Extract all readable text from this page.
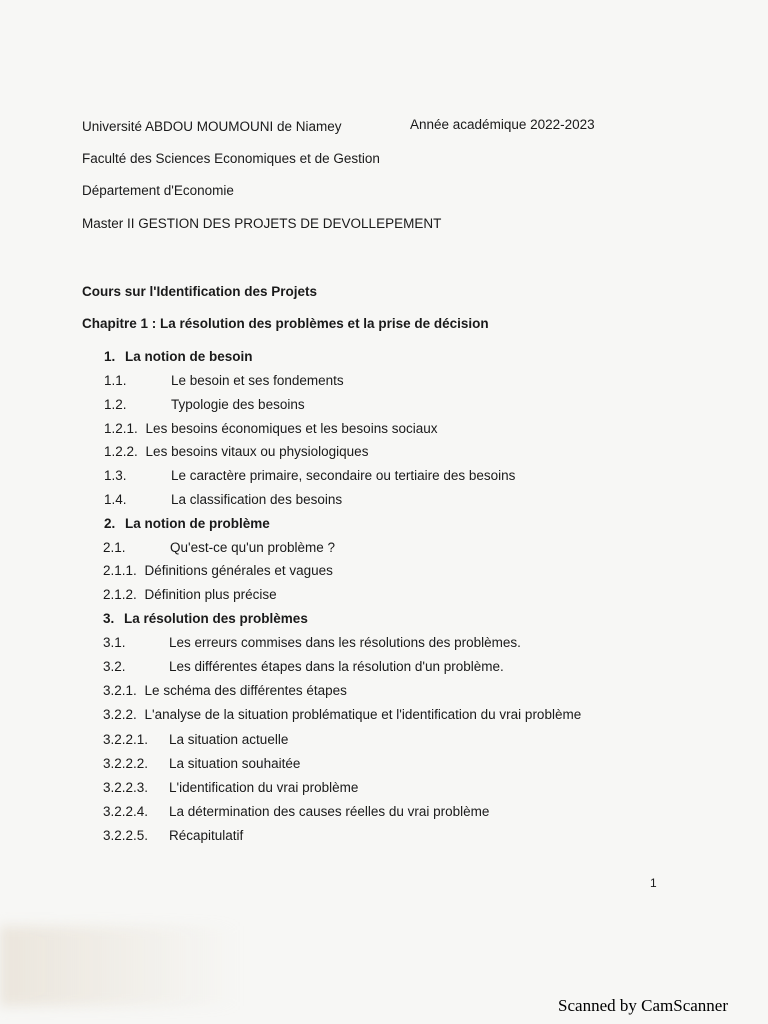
Université ABDOU MOUMOUNI de Niamey	Année académique 2022-2023
Faculté des Sciences Economiques et de Gestion
Département d'Economie
Master II GESTION DES PROJETS DE DEVOLLEPEMENT
Cours sur l'Identification des Projets
Chapitre 1 : La résolution des problèmes et la prise de décision
1. La notion de besoin
1.1.	Le besoin et ses fondements
1.2.	Typologie des besoins
1.2.1. Les besoins économiques et les besoins sociaux
1.2.2. Les besoins vitaux ou physiologiques
1.3.	Le caractère primaire, secondaire ou tertiaire des besoins
1.4.	La classification des besoins
2. La notion de problème
2.1.	Qu'est-ce qu'un problème ?
2.1.1. Définitions générales et vagues
2.1.2. Définition plus précise
3. La résolution des problèmes
3.1.	Les erreurs commises dans les résolutions des problèmes.
3.2.	Les différentes étapes dans la résolution d'un problème.
3.2.1. Le schéma des différentes étapes
3.2.2. L'analyse de la situation problématique et l'identification du vrai problème
3.2.2.1. La situation actuelle
3.2.2.2. La situation souhaitée
3.2.2.3. L'identification du vrai problème
3.2.2.4. La détermination des causes réelles du vrai problème
3.2.2.5. Récapitulatif
1
Scanned by CamScanner
